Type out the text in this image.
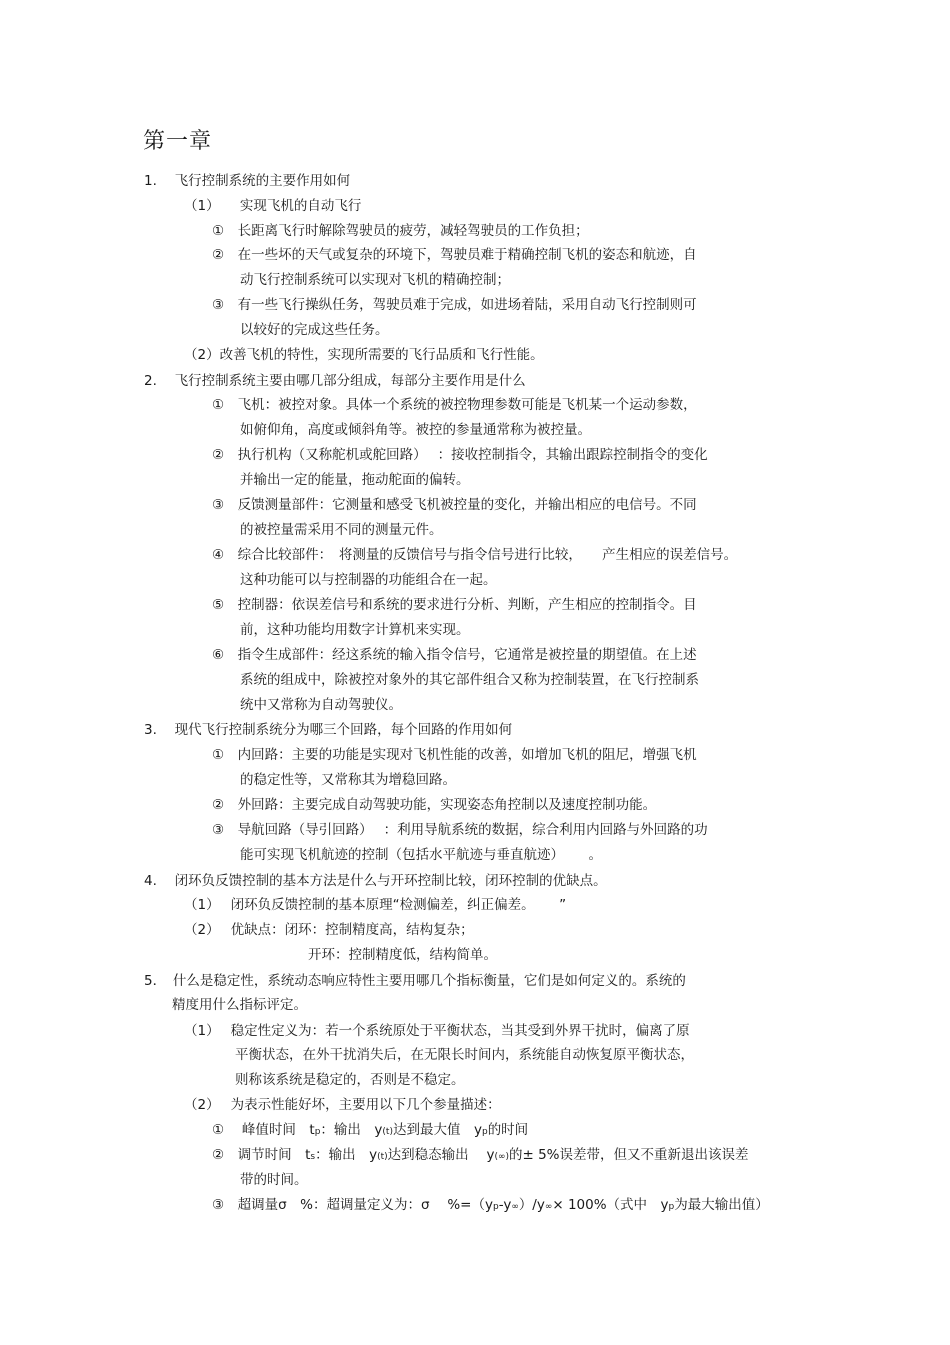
第一章
1.　 飞行控制系统的主要作用如何
（1）　　实现飞机的自动飞行
①　长距离飞行时解除驾驶员的疲劳，减轻驾驶员的工作负担；
②　在一些坏的天气或复杂的环境下，驾驶员难于精确控制飞机的姿态和航迹，自
动飞行控制系统可以实现对飞机的精确控制；
③　有一些飞行操纵任务，驾驶员难于完成，如进场着陆，采用自动飞行控制则可
以较好的完成这些任务。
（2）改善飞机的特性，实现所需要的飞行品质和飞行性能。
2.　 飞行控制系统主要由哪几部分组成，每部分主要作用是什么
①　飞机：被控对象。具体一个系统的被控物理参数可能是飞机某一个运动参数，
如俯仰角，高度或倾斜角等。被控的参量通常称为被控量。
②　执行机构（又称舵机或舵回路）　 ：接收控制指令，其输出跟踪控制指令的变化
并输出一定的能量，拖动舵面的偏转。
③　反馈测量部件：它测量和感受飞机被控量的变化，并输出相应的电信号。不同
的被控量需采用不同的测量元件。
④　综合比较部件：　将测量的反馈信号与指令信号进行比较，　　产生相应的误差信号。
这种功能可以与控制器的功能组合在一起。
⑤　控制器：依误差信号和系统的要求进行分析、判断，产生相应的控制指令。目
前，这种功能均用数字计算机来实现。
⑥　指令生成部件：经这系统的输入指令信号，它通常是被控量的期望值。在上述
系统的组成中，除被控对象外的其它部件组合又称为控制装置，在飞行控制系
统中又常称为自动驾驶仪。
3.　 现代飞行控制系统分为哪三个回路，每个回路的作用如何
①　内回路：主要的功能是实现对飞机性能的改善，如增加飞机的阻尼，增强飞机
的稳定性等，又常称其为增稳回路。
②　外回路：主要完成自动驾驶功能，实现姿态角控制以及速度控制功能。
③　导航回路（导引回路）　 ：利用导航系统的数据，综合利用内回路与外回路的功
能可实现飞机航迹的控制（包括水平航迹与垂直航迹）　　 。
4.　 闭环负反馈控制的基本方法是什么与开环控制比较，闭环控制的优缺点。
（1）　 闭环负反馈控制的基本原理“检测偏差，纠正偏差。　　 ”
（2）　 优缺点：闭环：控制精度高，结构复杂；
开环：控制精度低，结构简单。
5．　什么是稳定性，系统动态响应特性主要用哪几个指标衡量，它们是如何定义的。系统的
精度用什么指标评定。
（1）　 稳定性定义为：若一个系统原处于平衡状态，当其受到外界干扰时，偏离了原
平衡状态，在外干扰消失后，在无限长时间内，系统能自动恢复原平衡状态，
则称该系统是稳定的，否则是不稳定。
（2）　 为表示性能好坏，主要用以下几个参量描述：
①　 峰值时间　tp：输出　y(t)达到最大值　yp的时间
②　调节时间　ts：输出　y(t)达到稳态输出　 y(∞)的± 5%误差带，但又不重新退出该误差
带的时间。
③　超调量σ　%：超调量定义为：σ　 %=（yp-y∞）/y∞× 100%（式中　yp为最大输出值）
